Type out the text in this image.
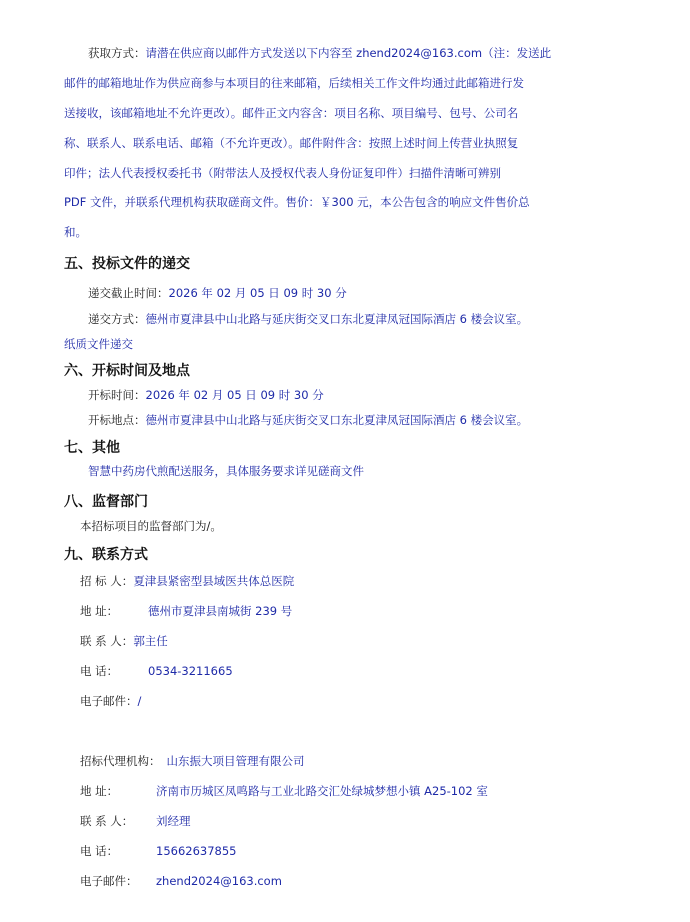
获取方式：请潜在供应商以邮件方式发送以下内容至 zhend2024@163.com（注：发送此
邮件的邮箱地址作为供应商参与本项目的往来邮箱，后续相关工作文件均通过此邮箱进行发
送接收，该邮箱地址不允许更改）。邮件正文内容含：项目名称、项目编号、包号、公司名
称、联系人、联系电话、邮箱（不允许更改）。邮件附件含：按照上述时间上传营业执照复
印件；法人代表授权委托书（附带法人及授权代表人身份证复印件）扫描件清晰可辨别
PDF 文件，并联系代理机构获取磋商文件。售价：￥300 元，本公告包含的响应文件售价总
和。
五、投标文件的递交
递交截止时间：2026 年 02 月 05 日 09 时 30 分
递交方式：德州市夏津县中山北路与延庆街交叉口东北夏津凤冠国际酒店 6 楼会议室。
纸质文件递交
六、开标时间及地点
开标时间：2026 年 02 月 05 日 09 时 30 分
开标地点：德州市夏津县中山北路与延庆街交叉口东北夏津凤冠国际酒店 6 楼会议室。
七、其他
智慧中药房代煎配送服务，具体服务要求详见磋商文件
八、监督部门
本招标项目的监督部门为/。
九、联系方式
招 标 人：夏津县紧密型县域医共体总医院
地 址：	德州市夏津县南城街 239 号
联 系 人：郭主任
电 话：	0534-3211665
电子邮件：/
招标代理机构： 山东振大项目管理有限公司
地 址：	济南市历城区凤鸣路与工业北路交汇处绿城梦想小镇 A25-102 室
联 系 人： 刘经理
电 话：	15662637855
电子邮件： zhend2024@163.com
